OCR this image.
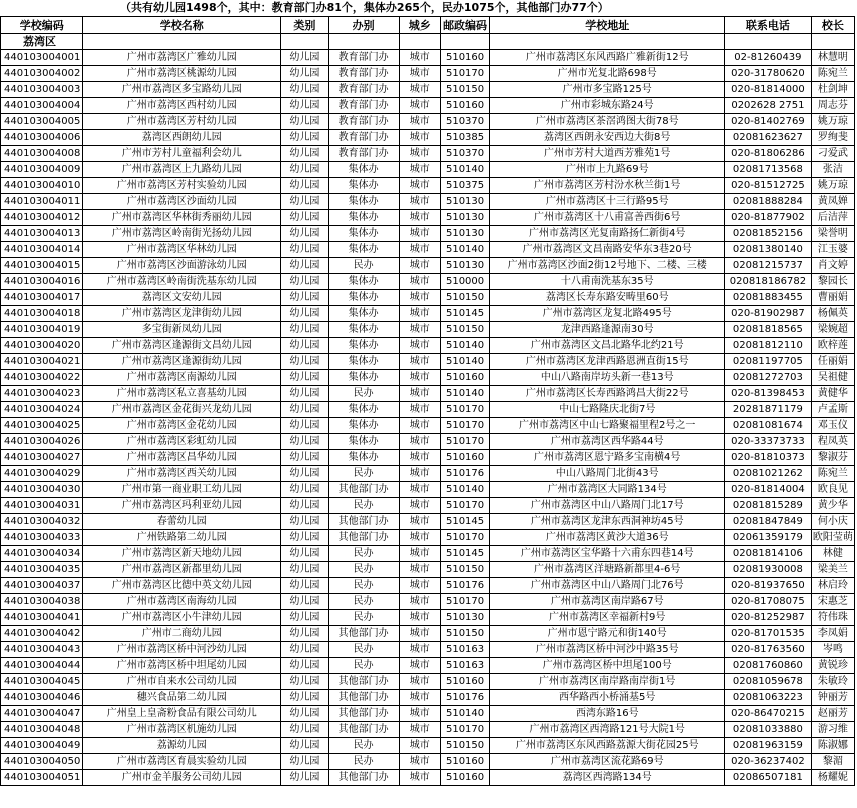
（共有幼儿园1498个，其中：教育部门办81个，集体办265个，民办1075个，其他部门办77个）
学校编码	学校名称	类别	办别	城乡	邮政编码	学校地址	联系电话	校长
荔湾区								
440103004001	广州市荔湾区广雅幼儿园	幼儿园	教育部门办	城市	510160	广州市荔湾区东风西路广雅新街12号	02-81260439	林慧明
440103004002	广州市荔湾区桃源幼儿园	幼儿园	教育部门办	城市	510170	广州市光复北路698号	020-31780620	陈宛兰
440103004003	广州市荔湾区多宝路幼儿园	幼儿园	教育部门办	城市	510150	广州市多宝路125号	020-81814000	杜剑坤
440103004004	广州市荔湾区西村幼儿园	幼儿园	教育部门办	城市	510160	广州市彩城东路24号	0202628 2751	周志芬
440103004005	广州市荔湾区芳村幼儿园	幼儿园	教育部门办	城市	510370	广州市荔湾区茶滘鸿图大街78号	020-81402769	姚万琼
440103004006	荔湾区西朗幼儿园	幼儿园	教育部门办	城市	510385	荔湾区西朗永安西边大街8号	02081623627	罗绚斐
440103004008	广州市芳村儿童福利会幼儿	幼儿园	教育部门办	城市	510370	广州市芳村大道西芳雅苑1号	020-81806286	刁爱武
440103004009	广州市荔湾区上九路幼儿园	幼儿园	集体办	城市	510140	广州市上九路69号	02081713568	张洁
440103004010	广州市荔湾区芳村实验幼儿园	幼儿园	集体办	城市	510375	广州市荔湾区芳村汾水秋兰街1号	020-81512725	姚万琼
440103004011	广州市荔湾区沙面幼儿园	幼儿园	集体办	城市	510130	广州市荔湾区十三行路95号	02081888284	黄凤婵
440103004012	广州市荔湾区华林街秀丽幼儿园	幼儿园	集体办	城市	510130	广州市荔湾区十八甫富善西街6号	020-81877902	后洁萍
440103004013	广州市荔湾区岭南街光扬幼儿园	幼儿园	集体办	城市	510130	广州市荔湾区光复南路扬仁新街4号	02081852156	梁誉明
440103004014	广州市荔湾区华林幼儿园	幼儿园	集体办	城市	510140	广州市荔湾区文昌南路安华东3巷20号	02081380140	江玉婆
440103004015	广州市荔湾区沙面游泳幼儿园	幼儿园	民办	城市	510130	广州市荔湾区沙面2街12号地下、二楼、三楼	02081215737	肖文婷
440103004016	广州市荔湾区岭南街洗基东幼儿园	幼儿园	集体办	城市	510000	十八甫南洗基东35号	020818186782	黎园长
440103004017	荔湾区文安幼儿园	幼儿园	集体办	城市	510150	荔湾区长寿东路安畴里60号	02081883455	曹丽娟
440103004018	广州市荔湾区龙津街幼儿园	幼儿园	集体办	城市	510145	广州市荔湾区龙复北路495号	020-81902987	杨佩英
440103004019	多宝街新凤幼儿园	幼儿园	集体办	城市	510150	龙津西路逢源南30号	02081818565	梁婉超
440103004020	广州市荔湾区逢源街文昌幼儿园	幼儿园	集体办	城市	510140	广州市荔湾区文昌北路华北约21号	02081812110	欧梓莲
440103004021	广州市荔湾区逢源街幼儿园	幼儿园	集体办	城市	510140	广州市荔湾区龙津西路恩洲直街15号	02081197705	任丽娟
440103004022	广州市荔湾区南源幼儿园	幼儿园	集体办	城市	510160	中山八路南岸坊头新一巷13号	02081272703	吴祖健
440103004023	广州市荔湾区私立喜基幼儿园	幼儿园	民办	城市	510140	广州市荔湾区长寿西路鸿昌大街22号	020-81398453	黄健华
440103004024	广州市荔湾区金花街兴龙幼儿园	幼儿园	集体办	城市	510170	中山七路隆庆北街7号	20281871179	卢孟斯
440103004025	广州市荔湾区金花幼儿园	幼儿园	集体办	城市	510170	广州市荔湾区中山七路聚福里程2号之一	02081081674	邓玉仪
440103004026	广州市荔湾区彩虹幼儿园	幼儿园	集体办	城市	510170	广州市荔湾区西华路44号	020-33373733	程凤英
440103004027	广州市荔湾区昌华幼儿园	幼儿园	集体办	城市	510160	广州市荔湾区恩宁路多宝南横4号	020-81810373	黎淑芬
440103004029	广州市荔湾区西关幼儿园	幼儿园	民办	城市	510176	中山八路周门北街43号	02081021262	陈宛兰
440103004030	广州市第一商业职工幼儿园	幼儿园	其他部门办	城市	510140	广州市荔湾区大同路134号	020-81814004	欧良见
440103004031	广州市荔湾区玛利亚幼儿园	幼儿园	民办	城市	510170	广州市荔湾区中山八路周门北17号	02081815289	黄少华
440103004032	春蕾幼儿园	幼儿园	其他部门办	城市	510145	广州市荔湾区龙津东西洞神坊45号	02081847849	何小庆
440103004033	广州铁路第二幼儿园	幼儿园	其他部门办	城市	510170	广州市荔湾区黄沙大道36号	02061359179	欧阳莹萌
440103004034	广州市荔湾区新天地幼儿园	幼儿园	民办	城市	510145	广州市荔湾区宝华路十六甫东四巷14号	02081814106	林健
440103004035	广州市荔湾区新都里幼儿园	幼儿园	民办	城市	510150	广州市荔湾区洋塘路新都里4-6号	02081930008	梁美兰
440103004037	广州市荔湾区比德中英文幼儿园	幼儿园	民办	城市	510176	广州市荔湾区中山八路周门北76号	020-81937650	林启玲
440103004038	广州市荔湾区南海幼儿园	幼儿园	民办	城市	510170	广州市荔湾区南岸路67号	020-81708075	宋惠芝
440103004041	广州市荔湾区小牛津幼儿园	幼儿园	民办	城市	510130	广州市荔湾区幸福新村9号	020-81252987	符伟珠
440103004042	广州市二商幼儿园	幼儿园	其他部门办	城市	510150	广州市恩宁路元和街140号	020-81701535	李凤娟
440103004043	广州市荔湾区桥中河沙幼儿园	幼儿园	民办	城市	510163	广州市荔湾区桥中河沙中路35号	020-81763560	岑鸣
440103004044	广州市荔湾区桥中坦尾幼儿园	幼儿园	民办	城市	510163	广州市荔湾区桥中坦尾100号	02081760860	黄锐珍
440103004045	广州市自来水公司幼儿园	幼儿园	其他部门办	城市	510160	广州市荔湾区南岸路南岸街1号	02081059678	朱敏玲
440103004046	穗兴食品第二幼儿园	幼儿园	其他部门办	城市	510176	西华路西小桥涌基5号	02081063223	钟丽芳
440103004047	广州皇上皇斋粉食品有限公司幼儿	幼儿园	其他部门办	城市	510140	西湾东路16号	020-86470215	赵丽芳
440103004048	广州市荔湾区机施幼儿园	幼儿园	其他部门办	城市	510170	广州市荔湾区西湾路121号大院1号	02081033880	游习维
440103004049	荔源幼儿园	幼儿园	民办	城市	510150	广州市荔湾区东风西路荔源大街花园25号	02081963159	陈淑娜
440103004050	广州市荔湾区育晨实验幼儿园	幼儿园	民办	城市	510160	广州市荔湾区流花路69号	020-36237402	黎湄
440103004051	广州市金羊服务公司幼儿园	幼儿园	其他部门办	城市	510160	荔湾区西湾路134号	02086507181	杨耀妮
